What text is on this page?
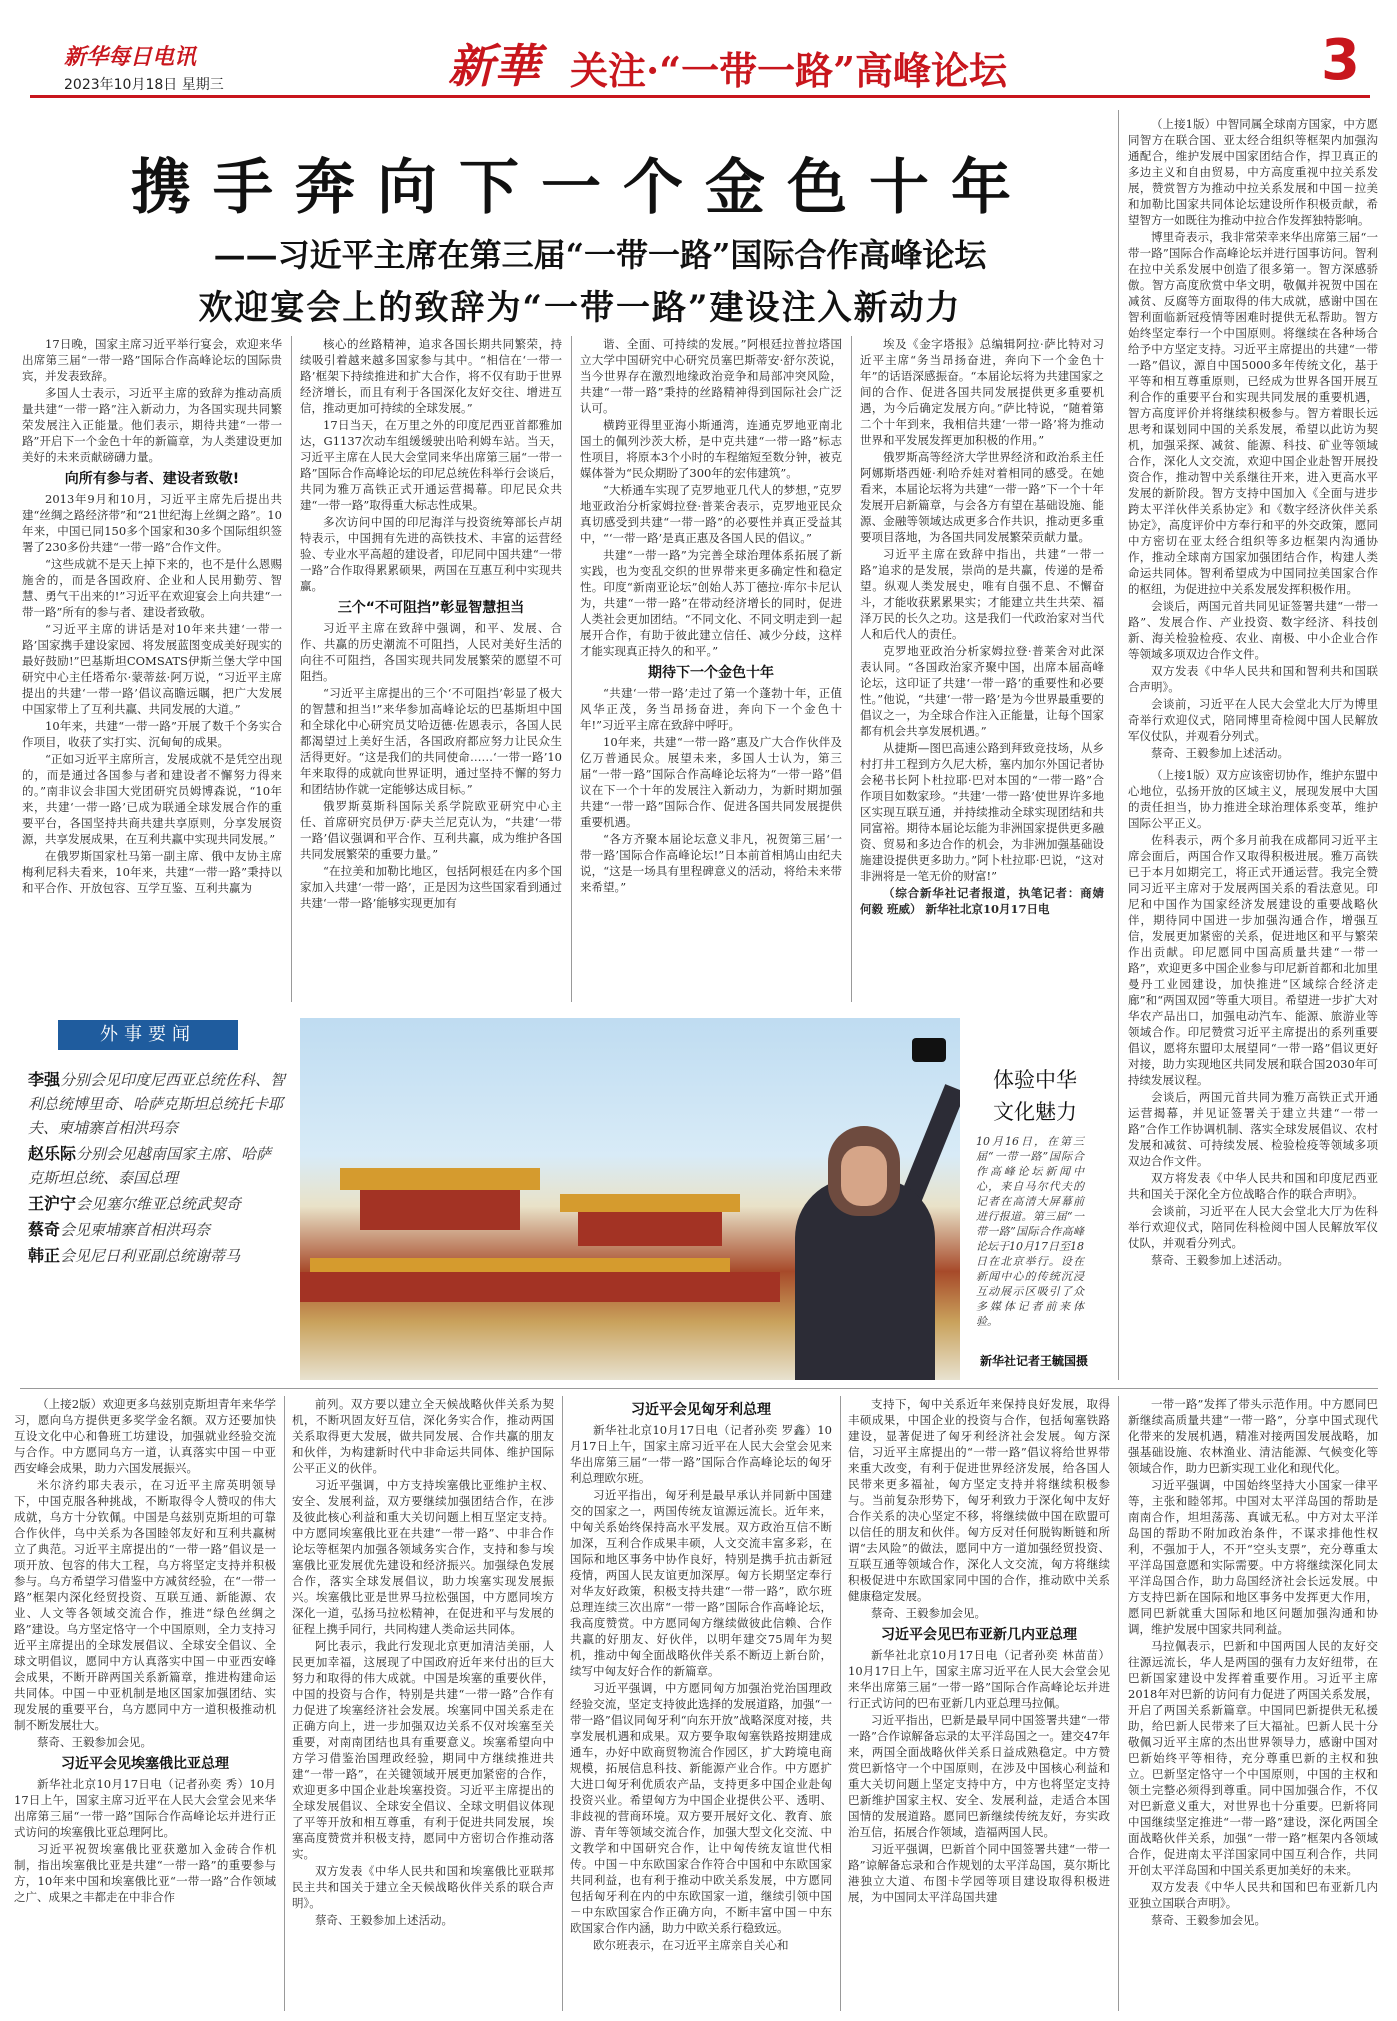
新华每日电讯
2023年10月18日 星期三	新華 关注·“一带一路”高峰论坛	3
携手奔向下一个金色十年
——习近平主席在第三届“一带一路”国际合作高峰论坛
欢迎宴会上的致辞为“一带一路”建设注入新动力

17日晚，国家主席习近平举行宴会，欢迎来华出席第三届“一带一路”国际合作高峰论坛的国际贵宾，并发表致辞。

多国人士表示，习近平主席的致辞为推动高质量共建“一带一路”注入新动力，为各国实现共同繁荣发展注入正能量。他们表示，期待共建“一带一路”开启下一个金色十年的新篇章，为人类建设更加美好的未来贡献磅礴力量。

向所有参与者、建设者致敬!

2013年9月和10月，习近平主席先后提出共建“丝绸之路经济带”和“21世纪海上丝绸之路”。10年来，中国已同150多个国家和30多个国际组织签署了230多份共建“一带一路”合作文件。

“这些成就不是天上掉下来的，也不是什么恩赐施舍的，而是各国政府、企业和人民用勤劳、智慧、勇气干出来的!”习近平在欢迎宴会上向共建“一带一路”所有的参与者、建设者致敬。

“习近平主席的讲话是对10年来共建‘一带一路’国家携手建设家园、将发展蓝图变成美好现实的最好鼓励!”巴基斯坦COMSATS伊斯兰堡大学中国研究中心主任塔希尔·蒙蒂兹·阿万说，“习近平主席提出的共建‘一带一路’倡议高瞻远瞩，把广大发展中国家带上了互利共赢、共同发展的大道。”

10年来，共建“一带一路”开展了数千个务实合作项目，收获了实打实、沉甸甸的成果。

“正如习近平主席所言，发展成就不是凭空出现的，而是通过各国参与者和建设者不懈努力得来的。”南非议会非国大党团研究员姆博森说，“10年来，共建‘一带一路’已成为联通全球发展合作的重要平台，各国坚持共商共建共享原则，分享发展资源，共享发展成果，在互利共赢中实现共同发展。”

在俄罗斯国家杜马第一副主席、俄中友协主席梅利尼科夫看来，10年来，共建“一带一路”秉持以和平合作、开放包容、互学互鉴、互利共赢为

核心的丝路精神，追求各国长期共同繁荣，持续吸引着越来越多国家参与其中。“相信在‘一带一路’框架下持续推进和扩大合作，将不仅有助于世界经济增长，而且有利于各国深化友好交往、增进互信，推动更加可持续的全球发展。”

17日当天，在万里之外的印度尼西亚首都雅加达，G1137次动车组缓缓驶出哈利姆车站。当天，习近平主席在人民大会堂同来华出席第三届“一带一路”国际合作高峰论坛的印尼总统佐科举行会谈后，共同为雅万高铁正式开通运营揭幕。印尼民众共建“一带一路”取得重大标志性成果。

多次访问中国的印尼海洋与投资统筹部长卢胡特表示，中国拥有先进的高铁技术、丰富的运营经验、专业水平高超的建设者，印尼同中国共建“一带一路”合作取得累累硕果，两国在互惠互利中实现共赢。

三个“不可阻挡”彰显智慧担当

习近平主席在致辞中强调，和平、发展、合作、共赢的历史潮流不可阻挡，人民对美好生活的向往不可阻挡，各国实现共同发展繁荣的愿望不可阻挡。

“习近平主席提出的三个‘不可阻挡’彰显了极大的智慧和担当!”来华参加高峰论坛的巴基斯坦中国和全球化中心研究员艾哈迈德·佐恩表示，各国人民都渴望过上美好生活，各国政府都应努力让民众生活得更好。“这是我们的共同使命……‘一带一路’10年来取得的成就向世界证明，通过坚持不懈的努力和团结协作就一定能够达成目标。”

俄罗斯莫斯科国际关系学院欧亚研究中心主任、首席研究员伊万·萨夫兰尼克认为，“共建‘一带一路’倡议强调和平合作、互利共赢，成为维护各国共同发展繁荣的重要力量。”

“在拉美和加勒比地区，包括阿根廷在内多个国家加入共建‘一带一路’，正是因为这些国家看到通过共建‘一带一路’能够实现更加有

谐、全面、可持续的发展。”阿根廷拉普拉塔国立大学中国研究中心研究员塞巴斯蒂安·舒尔茨说，当今世界存在激烈地缘政治竞争和局部冲突风险，共建“一带一路”秉持的丝路精神得到国际社会广泛认可。

横跨亚得里亚海小斯通湾，连通克罗地亚南北国土的佩列沙茨大桥，是中克共建“一带一路”标志性项目，将原本3个小时的车程缩短至数分钟，被克媒体誉为“民众期盼了300年的宏伟建筑”。

“大桥通车实现了克罗地亚几代人的梦想，”克罗地亚政治分析家姆拉登·普莱舍表示，克罗地亚民众真切感受到共建“一带一路”的必要性并真正受益其中，“‘一带一路’是真正惠及各国人民的倡议。”

共建“一带一路”为完善全球治理体系拓展了新实践，也为变乱交织的世界带来更多确定性和稳定性。印度“新南亚论坛”创始人苏丁德拉·库尔卡尼认为，共建“一带一路”在带动经济增长的同时，促进人类社会更加团结。“不同文化、不同文明走到一起展开合作，有助于彼此建立信任、减少分歧，这样才能实现真正持久的和平。”

期待下一个金色十年

“共建‘一带一路’走过了第一个蓬勃十年，正值风华正茂，务当昂扬奋进，奔向下一个金色十年!”习近平主席在致辞中呼吁。

10年来，共建“一带一路”惠及广大合作伙伴及亿万普通民众。展望未来，多国人士认为，第三届“一带一路”国际合作高峰论坛将为“一带一路”倡议在下一个十年的发展注入新动力，为新时期加强共建“一带一路”国际合作、促进各国共同发展提供重要机遇。

“各方齐聚本届论坛意义非凡，祝贺第三届‘一带一路’国际合作高峰论坛!”日本前首相鸠山由纪夫说，“这是一场具有里程碑意义的活动，将给未来带来希望。”

埃及《金字塔报》总编辑阿拉·萨比特对习近平主席“务当昂扬奋进，奔向下一个金色十年”的话语深感振奋。“本届论坛将为共建国家之间的合作、促进各国共同发展提供更多重要机遇，为今后确定发展方向。”萨比特说，“随着第二个十年到来，我相信共建‘一带一路’将为推动世界和平发展发挥更加积极的作用。”

俄罗斯高等经济大学世界经济和政治系主任阿娜斯塔西娅·利哈乔娃对着相同的感受。在她看来，本届论坛将为共建“一带一路”下一个十年发展开启新篇章，与会各方有望在基础设施、能源、金融等领域达成更多合作共识，推动更多重要项目落地，为各国共同发展繁荣贡献力量。

习近平主席在致辞中指出，共建“一带一路”追求的是发展，崇尚的是共赢，传递的是希望。纵观人类发展史，唯有自强不息、不懈奋斗，才能收获累累果实；才能建立共生共荣、福泽万民的长久之功。这是我们一代政治家对当代人和后代人的责任。

克罗地亚政治分析家姆拉登·普莱舍对此深表认同。“各国政治家齐聚中国，出席本届高峰论坛，这印证了共建‘一带一路’的重要性和必要性。”他说，“共建‘一带一路’是为今世界最重要的倡议之一，为全球合作注入正能量，让每个国家都有机会共享发展机遇。”

从捷斯—图巴高速公路到拜致竞技场，从乡村打井工程到方久尼大桥，塞内加尔外国记者协会秘书长阿卜杜拉耶·巴对本国的“一带一路”合作项目如数家珍。“共建‘一带一路’使世界许多地区实现互联互通，并持续推动全球实现团结和共同富裕。期待本届论坛能为非洲国家提供更多融资、贸易和多边合作的机会，为非洲加强基础设施建设提供更多助力。”阿卜杜拉耶·巴说，“这对非洲将是一笔无价的财富!”

（综合新华社记者报道，执笔记者：商婧 何毅 班威） 新华社北京10月17日电

（上接1版）中智同属全球南方国家，中方愿同智方在联合国、亚太经合组织等框架内加强沟通配合，维护发展中国家团结合作，捍卫真正的多边主义和自由贸易，中方高度重视中拉关系发展，赞赏智方为推动中拉关系发展和中国－拉美和加勒比国家共同体论坛建设所作积极贡献，希望智方一如既往为推动中拉合作发挥独特影响。

博里奇表示，我非常荣幸来华出席第三届“一带一路”国际合作高峰论坛并进行国事访问。智利在拉中关系发展中创造了很多第一。智方深感骄傲。智方高度欣赏中华文明，敬佩并祝贺中国在减贫、反腐等方面取得的伟大成就，感谢中国在智利面临新冠疫情等困难时提供无私帮助。智方始终坚定奉行一个中国原则。将继续在各种场合给予中方坚定支持。习近平主席提出的共建“一带一路”倡议，源自中国5000多年传统文化，基于平等和相互尊重原则，已经成为世界各国开展互利合作的重要平台和实现共同发展的重要机遇，智方高度评价并将继续积极参与。智方着眼长远思考和谋划同中国的关系发展，希望以此访为契机，加强采探、减贫、能源、科技、矿业等领域合作，深化人文交流，欢迎中国企业赴智开展投资合作，推动智中关系继往开来，进入更高水平发展的新阶段。智方支持中国加入《全面与进步跨太平洋伙伴关系协定》和《数字经济伙伴关系协定》，高度评价中方奉行和平的外交政策，愿同中方密切在亚太经合组织等多边框架内沟通协作，推动全球南方国家加强团结合作，构建人类命运共同体。智利希望成为中国同拉美国家合作的枢纽，为促进拉中关系发展发挥积极作用。

会谈后，两国元首共同见证签署共建“一带一路”、发展合作、产业投资、数字经济、科技创新、海关检验检疫、农业、南极、中小企业合作等领域多项双边合作文件。

双方发表《中华人民共和国和智利共和国联合声明》。

会谈前，习近平在人民大会堂北大厅为博里奇举行欢迎仪式，陪同博里奇检阅中国人民解放军仪仗队，并观看分列式。

蔡奇、王毅参加上述活动。

（上接1版）双方应该密切协作，维护东盟中心地位，弘扬开放的区域主义，展现发展中大国的责任担当，协力推进全球治理体系变革，维护国际公平正义。

佐科表示，两个多月前我在成都同习近平主席会面后，两国合作又取得积极进展。雅万高铁已于本月如期完工，将正式开通运营。我完全赞同习近平主席对于发展两国关系的看法意见。印尼和中国作为国家经济发展建设的重要战略伙伴，期待同中国进一步加强沟通合作，增强互信，发展更加紧密的关系，促进地区和平与繁荣作出贡献。印尼愿同中国高质量共建“一带一路”，欢迎更多中国企业参与印尼新首都和北加里曼丹工业园建设，加快推进“区域综合经济走廊”和“两国双园”等重大项目。希望进一步扩大对华农产品出口，加强电动汽车、能源、旅游业等领域合作。印尼赞赏习近平主席提出的系列重要倡议，愿将东盟印太展望同“一带一路”倡议更好对接，助力实现地区共同发展和联合国2030年可持续发展议程。

会谈后，两国元首共同为雅万高铁正式开通运营揭幕，并见证签署关于建立共建“一带一路”合作工作协调机制、落实全球发展倡议、农村发展和减贫、可持续发展、检验检疫等领域多项双边合作文件。

双方将发表《中华人民共和国和印度尼西亚共和国关于深化全方位战略合作的联合声明》。

会谈前，习近平在人民大会堂北大厅为佐科举行欢迎仪式，陪同佐科检阅中国人民解放军仪仗队，并观看分列式。

蔡奇、王毅参加上述活动。

外事要闻

李强分别会见印度尼西亚总统佐科、智利总统博里奇、哈萨克斯坦总统托卡耶夫、柬埔寨首相洪玛奈

赵乐际分别会见越南国家主席、哈萨克斯坦总统、泰国总理

王沪宁会见塞尔维亚总统武契奇

蔡奇会见柬埔寨首相洪玛奈

韩正会见尼日利亚副总统谢蒂马

体验中华文化魅力
10月16日，在第三届“一带一路”国际合作高峰论坛新闻中心，来自马尔代夫的记者在高清大屏幕前进行报道。第三届“一带一路”国际合作高峰论坛于10月17日至18日在北京举行。设在新闻中心的传统沉浸互动展示区吸引了众多媒体记者前来体验。
新华社记者王毓国摄

（上接2版）欢迎更多乌兹别克斯坦青年来华学习，愿向乌方提供更多奖学金名额。双方还要加快互设文化中心和鲁班工坊建设，加强就业经验交流与合作。中方愿同乌方一道，认真落实中国－中亚西安峰会成果，助力六国发展振兴。

米尔济约耶夫表示，在习近平主席英明领导下，中国克服各种挑战，不断取得令人赞叹的伟大成就，乌方十分钦佩。中国是乌兹别克斯坦的可靠合作伙伴，乌中关系为各国睦邻友好和互利共赢树立了典范。习近平主席提出的“一带一路”倡议是一项开放、包容的伟大工程，乌方将坚定支持并积极参与。乌方希望学习借鉴中方减贫经验，在“一带一路”框架内深化经贸投资、互联互通、新能源、农业、人文等各领域交流合作，推进“绿色丝绸之路”建设。乌方坚定恪守一个中国原则，全力支持习近平主席提出的全球发展倡议、全球安全倡议、全球文明倡议，愿同中方认真落实中国－中亚西安峰会成果，不断开辟两国关系新篇章，推进构建命运共同体。中国－中亚机制是地区国家加强团结、实现发展的重要平台，乌方愿同中方一道积极推动机制不断发展壮大。

蔡奇、王毅参加会见。

习近平会见埃塞俄比亚总理

新华社北京10月17日电（记者孙奕 秀）10月17日上午，国家主席习近平在人民大会堂会见来华出席第三届“一带一路”国际合作高峰论坛并进行正式访问的埃塞俄比亚总理阿比。

习近平祝贺埃塞俄比亚获邀加入金砖合作机制，指出埃塞俄比亚是共建“一带一路”的重要参与方，10年来中国和埃塞俄比亚“一带一路”合作领域之广、成果之丰都走在中非合作

前列。双方要以建立全天候战略伙伴关系为契机，不断巩固友好互信，深化务实合作，推动两国关系取得更大发展，做共同发展、合作共赢的朋友和伙伴，为构建新时代中非命运共同体、维护国际公平正义的伙伴。

习近平强调，中方支持埃塞俄比亚维护主权、安全、发展利益，双方要继续加强团结合作，在涉及彼此核心利益和重大关切问题上相互坚定支持。中方愿同埃塞俄比亚在共建“一带一路”、中非合作论坛等框架内加强各领域务实合作，支持和参与埃塞俄比亚发展优先建设和经济振兴。加强绿色发展合作，落实全球发展倡议，助力埃塞实现发展振兴。埃塞俄比亚是世界马拉松强国，中方愿同埃方深化一道，弘扬马拉松精神，在促进和平与发展的征程上携手同行，共同构建人类命运共同体。

阿比表示，我此行发现北京更加清洁美丽，人民更加幸福，这展现了中国政府近年来付出的巨大努力和取得的伟大成就。中国是埃塞的重要伙伴，中国的投资与合作，特别是共建“一带一路”合作有力促进了埃塞经济社会发展。埃塞同中国关系走在正确方向上，进一步加强双边关系不仅对埃塞至关重要，对南南团结也具有重要意义。埃塞希望向中方学习借鉴治国理政经验，期同中方继续推进共建“一带一路”，在关键领域开展更加紧密的合作，欢迎更多中国企业赴埃塞投资。习近平主席提出的全球发展倡议、全球安全倡议、全球文明倡议体现了平等开放和相互尊重，有利于促进共同发展，埃塞高度赞赏并积极支持，愿同中方密切合作推动落实。

双方发表《中华人民共和国和埃塞俄比亚联邦民主共和国关于建立全天候战略伙伴关系的联合声明》。

蔡奇、王毅参加上述活动。

习近平会见匈牙利总理

新华社北京10月17日电（记者孙奕 罗鑫）10月17日上午，国家主席习近平在人民大会堂会见来华出席第三届“一带一路”国际合作高峰论坛的匈牙利总理欧尔班。

习近平指出，匈牙利是最早承认并同新中国建交的国家之一，两国传统友谊源远流长。近年来，中匈关系始终保持高水平发展。双方政治互信不断加深，互利合作成果丰硕，人文交流丰富多彩，在国际和地区事务中协作良好，特别是携手抗击新冠疫情，两国人民友谊更加深厚。匈方长期坚定奉行对华友好政策，积极支持共建“一带一路”，欧尔班总理连续三次出席“一带一路”国际合作高峰论坛，我高度赞赏。中方愿同匈方继续做彼此信赖、合作共赢的好朋友、好伙伴，以明年建交75周年为契机，推动中匈全面战略伙伴关系不断迈上新台阶，续写中匈友好合作的新篇章。

习近平强调，中方愿同匈方加强治党治国理政经验交流，坚定支持彼此选择的发展道路，加强“一带一路”倡议同匈牙利“向东开放”战略深度对接，共享发展机遇和成果。双方要争取匈塞铁路按期建成通车，办好中欧商贸物流合作园区，扩大跨境电商规模，拓展信息科技、新能源产业合作。中方愿扩大进口匈牙利优质农产品，支持更多中国企业赴匈投资兴业。希望匈方为中国企业提供公平、透明、非歧视的营商环境。双方要开展好文化、教育、旅游、青年等领域交流合作，加强大型文化交流、中文教学和中国研究合作，让中匈传统友谊世代相传。中国－中东欧国家合作符合中国和中东欧国家共同利益，也有利于推动中欧关系发展，中方愿同包括匈牙利在内的中东欧国家一道，继续引领中国－中东欧国家合作正确方向，不断丰富中国－中东欧国家合作内涵，助力中欧关系行稳致远。

欧尔班表示，在习近平主席亲自关心和

支持下，匈中关系近年来保持良好发展，取得丰硕成果，中国企业的投资与合作，包括匈塞铁路建设，显著促进了匈牙利经济社会发展。匈方深信，习近平主席提出的“一带一路”倡议将给世界带来重大改变，有利于促进世界经济发展，给各国人民带来更多福祉，匈方坚定支持并将继续积极参与。当前复杂形势下，匈牙利致力于深化匈中友好合作关系的决心坚定不移，将继续做中国在欧盟可以信任的朋友和伙伴。匈方反对任何脱钩断链和所谓“去风险”的做法，愿同中方一道加强经贸投资、互联互通等领域合作，深化人文交流，匈方将继续积极促进中东欧国家同中国的合作，推动欧中关系健康稳定发展。

蔡奇、王毅参加会见。

习近平会见巴布亚新几内亚总理

新华社北京10月17日电（记者孙奕 林苗苗）10月17日上午，国家主席习近平在人民大会堂会见来华出席第三届“一带一路”国际合作高峰论坛并进行正式访问的巴布亚新几内亚总理马拉佩。

习近平指出，巴新是最早同中国签署共建“一带一路”合作谅解备忘录的太平洋岛国之一。建交47年来，两国全面战略伙伴关系日益成熟稳定。中方赞赏巴新恪守一个中国原则，在涉及中国核心利益和重大关切问题上坚定支持中方，中方也将坚定支持巴新维护国家主权、安全、发展利益，走适合本国国情的发展道路。愿同巴新继续传统友好，夯实政治互信，拓展合作领域，造福两国人民。

习近平强调，巴新首个同中国签署共建“一带一路”谅解备忘录和合作规划的太平洋岛国，莫尔斯比港独立大道、布图卡学园等项目建设取得积极进展，为中国同太平洋岛国共建

一带一路”发挥了带头示范作用。中方愿同巴新继续高质量共建“一带一路”，分享中国式现代化带来的发展机遇，精准对接两国发展战略，加强基础设施、农林渔业、清洁能源、气候变化等领域合作，助力巴新实现工业化和现代化。

习近平强调，中国始终坚持大小国家一律平等，主张和睦邻邦。中国对太平洋岛国的帮助是南南合作，坦坦荡荡、真诚无私。中方对太平洋岛国的帮助不附加政治条件，不谋求排他性权利，不强加于人，不开“空头支票”，充分尊重太平洋岛国意愿和实际需要。中方将继续深化同太平洋岛国合作，助力岛国经济社会长远发展。中方支持巴新在国际和地区事务中发挥更大作用，愿同巴新就重大国际和地区问题加强沟通和协调，维护发展中国家共同利益。

马拉佩表示，巴新和中国两国人民的友好交往源远流长，华人是两国的强有力友好纽带，在巴新国家建设中发挥着重要作用。习近平主席2018年对巴新的访问有力促进了两国关系发展，开启了两国关系新篇章。中国同巴新提供无私援助，给巴新人民带来了巨大福祉。巴新人民十分敬佩习近平主席的杰出世界领导力，感谢中国对巴新始终平等相待，充分尊重巴新的主权和独立。巴新坚定恪守一个中国原则，中国的主权和领土完整必须得到尊重。同中国加强合作，不仅对巴新意义重大，对世界也十分重要。巴新将同中国继续坚定推进“一带一路”建设，深化两国全面战略伙伴关系，加强“一带一路”框架内各领域合作，促进南太平洋国家同中国互利合作，共同开创太平洋岛国和中国关系更加美好的未来。

双方发表《中华人民共和国和巴布亚新几内亚独立国联合声明》。

蔡奇、王毅参加会见。
